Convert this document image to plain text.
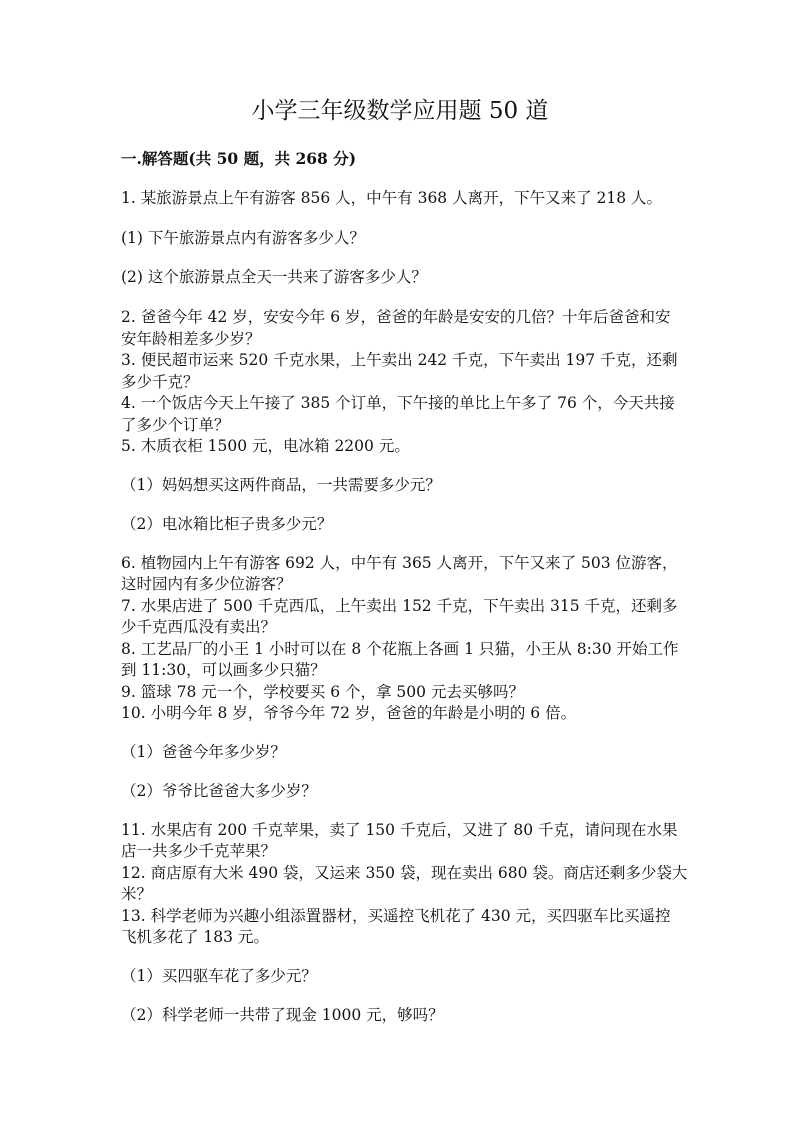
小学三年级数学应用题 50 道
一.解答题(共 50 题，共 268 分)
1. 某旅游景点上午有游客 856 人，中午有 368 人离开，下午又来了 218 人。
(1) 下午旅游景点内有游客多少人？
(2) 这个旅游景点全天一共来了游客多少人？
2. 爸爸今年 42 岁，安安今年 6 岁，爸爸的年龄是安安的几倍？十年后爸爸和安
安年龄相差多少岁？
3. 便民超市运来 520 千克水果，上午卖出 242 千克，下午卖出 197 千克，还剩
多少千克？
4. 一个饭店今天上午接了 385 个订单，下午接的单比上午多了 76 个，今天共接
了多少个订单？
5. 木质衣柜 1500 元，电冰箱 2200 元。
（1）妈妈想买这两件商品，一共需要多少元？
（2）电冰箱比柜子贵多少元？
6. 植物园内上午有游客 692 人，中午有 365 人离开，下午又来了 503 位游客，
这时园内有多少位游客？
7. 水果店进了 500 千克西瓜，上午卖出 152 千克，下午卖出 315 千克，还剩多
少千克西瓜没有卖出？
8. 工艺品厂的小王 1 小时可以在 8 个花瓶上各画 1 只猫，小王从 8:30 开始工作
到 11:30，可以画多少只猫？
9. 篮球 78 元一个，学校要买 6 个，拿 500 元去买够吗？
10. 小明今年 8 岁，爷爷今年 72 岁，爸爸的年龄是小明的 6 倍。
（1）爸爸今年多少岁？
（2）爷爷比爸爸大多少岁？
11. 水果店有 200 千克苹果，卖了 150 千克后，又进了 80 千克，请问现在水果
店一共多少千克苹果？
12. 商店原有大米 490 袋，又运来 350 袋，现在卖出 680 袋。商店还剩多少袋大
米？
13. 科学老师为兴趣小组添置器材，买遥控飞机花了 430 元，买四驱车比买遥控
飞机多花了 183 元。
（1）买四驱车花了多少元？
（2）科学老师一共带了现金 1000 元，够吗？
